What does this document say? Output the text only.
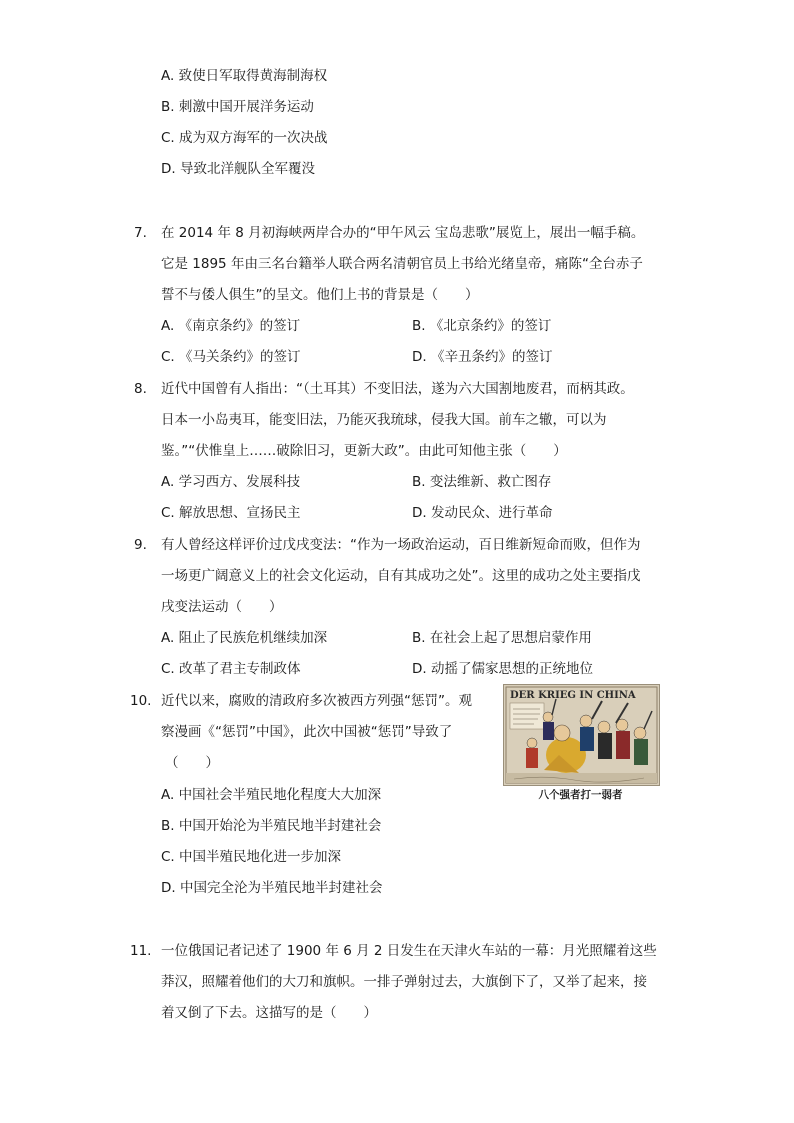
A. 致使日军取得黄海制海权
B. 刺激中国开展洋务运动
C. 成为双方海军的一次决战
D. 导致北洋舰队全军覆没
7. 在 2014 年 8 月初海峡两岸合办的“甲午风云 宝岛悲歌”展览上，展出一幅手稿。
它是 1895 年由三名台籍举人联合两名清朝官员上书给光绪皇帝，痛陈“全台赤子
誓不与倭人俱生”的呈文。他们上书的背景是（　　）
A. 《南京条约》的签订	B. 《北京条约》的签订
C. 《马关条约》的签订	D. 《辛丑条约》的签订
8. 近代中国曾有人指出：“（土耳其）不变旧法，遂为六大国割地废君，而柄其政。
日本一小岛夷耳，能变旧法，乃能灭我琉球，侵我大国。前车之辙，可以为
鉴。”“伏惟皇上……破除旧习，更新大政”。由此可知他主张（　　）
A. 学习西方、发展科技	B. 变法维新、救亡图存
C. 解放思想、宣扬民主	D. 发动民众、进行革命
9. 有人曾经这样评价过戊戌变法：“作为一场政治运动，百日维新短命而败，但作为
一场更广阔意义上的社会文化运动，自有其成功之处”。这里的成功之处主要指戊
戌变法运动（　　）
A. 阻止了民族危机继续加深	B. 在社会上起了思想启蒙作用
C. 改革了君主专制政体	D. 动摇了儒家思想的正统地位
10. 近代以来，腐败的清政府多次被西方列强“惩罚”。观
察漫画《“惩罚”中国》，此次中国被“惩罚”导致了
（　　）
A. 中国社会半殖民地化程度大大加深
B. 中国开始沦为半殖民地半封建社会
C. 中国半殖民地化进一步加深
D. 中国完全沦为半殖民地半封建社会
DER KRIEG IN CHINA
八个强者打一弱者
11. 一位俄国记者记述了 1900 年 6 月 2 日发生在天津火车站的一幕：月光照耀着这些
莽汉，照耀着他们的大刀和旗帜。一排子弹射过去，大旗倒下了，又举了起来，接
着又倒了下去。这描写的是（　　）
